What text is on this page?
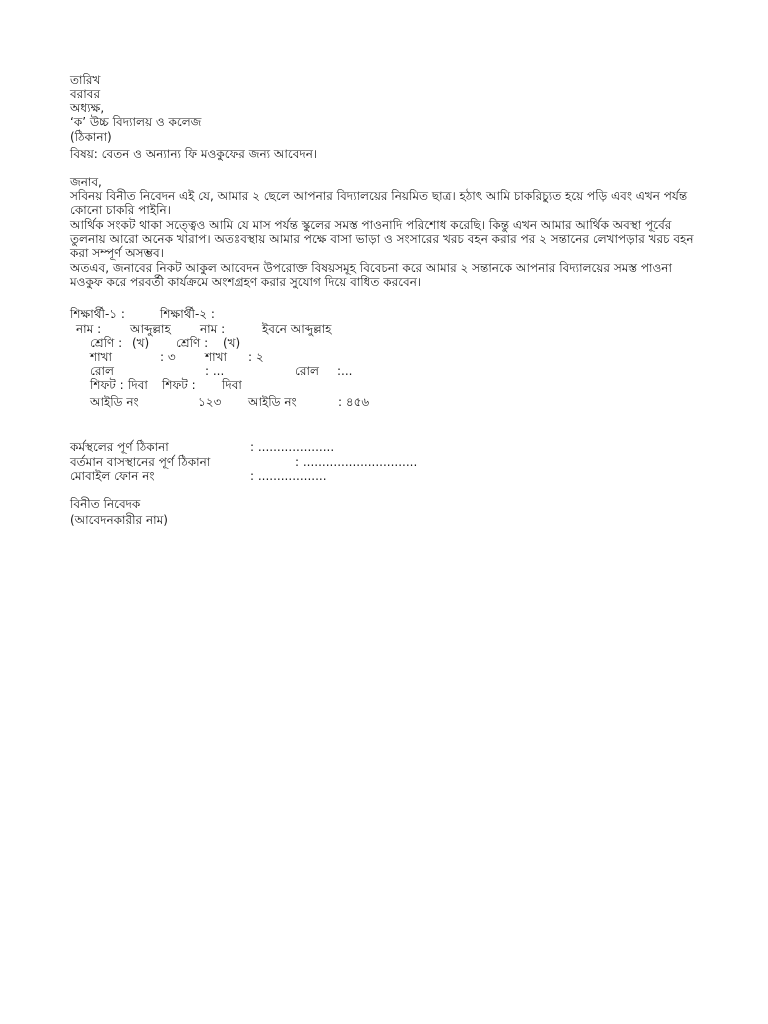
তারিখ
বরাবর
অধ্যক্ষ,
‘ক’ উচ্চ বিদ্যালয় ও কলেজ
(ঠিকানা)
বিষয়: বেতন ও অন্যান্য ফি মওকুফের জন্য আবেদন।
জনাব,
সবিনয় বিনীত নিবেদন এই যে, আমার ২ ছেলে আপনার বিদ্যালয়ের নিয়মিত ছাত্র। হঠাৎ আমি চাকরিচ্যুত হয়ে পড়ি এবং এখন পর্যন্ত কোনো চাকরি পাইনি।
আর্থিক সংকট থাকা সত্ত্বেও আমি যে মাস পর্যন্ত স্কুলের সমস্ত পাওনাদি পরিশোধ করেছি। কিন্তু এখন আমার আর্থিক অবস্থা পূর্বের তুলনায় আরো অনেক খারাপ। অতঃবস্থায় আমার পক্ষে বাসা ভাড়া ও সংসারের খরচ বহন করার পর ২ সন্তানের লেখাপড়ার খরচ বহন করা সম্পূর্ণ অসম্ভব।
অতএব, জনাবের নিকট আকুল আবেদন উপরোক্ত বিষয়সমূহ বিবেচনা করে আমার ২ সন্তানকে আপনার বিদ্যালয়ের সমস্ত পাওনা মওকুফ করে পরবর্তী কার্যক্রমে অংশগ্রহণ করার সুযোগ দিয়ে বাধিত করবেন।
শিক্ষার্থী-১ :	শিক্ষার্থী-২ :
নাম : আব্দুল্লাহ নাম :	ইবনে আব্দুল্লাহ
শ্রেণি : (খ) শ্রেণি : (খ)
শাখা	: ৩ শাখা : ২
রোল	: ...	রোল :...
শিফট : দিবা শিফট : দিবা
আইডি নং	১২৩ আইডি নং	: ৪৫৬
কর্মস্থলের পূর্ণ ঠিকানা	: ....................
বর্তমান বাসস্থানের পূর্ণ ঠিকানা	: ..............................
মোবাইল ফোন নং	: ..................
বিনীত নিবেদক
(আবেদনকারীর নাম)
